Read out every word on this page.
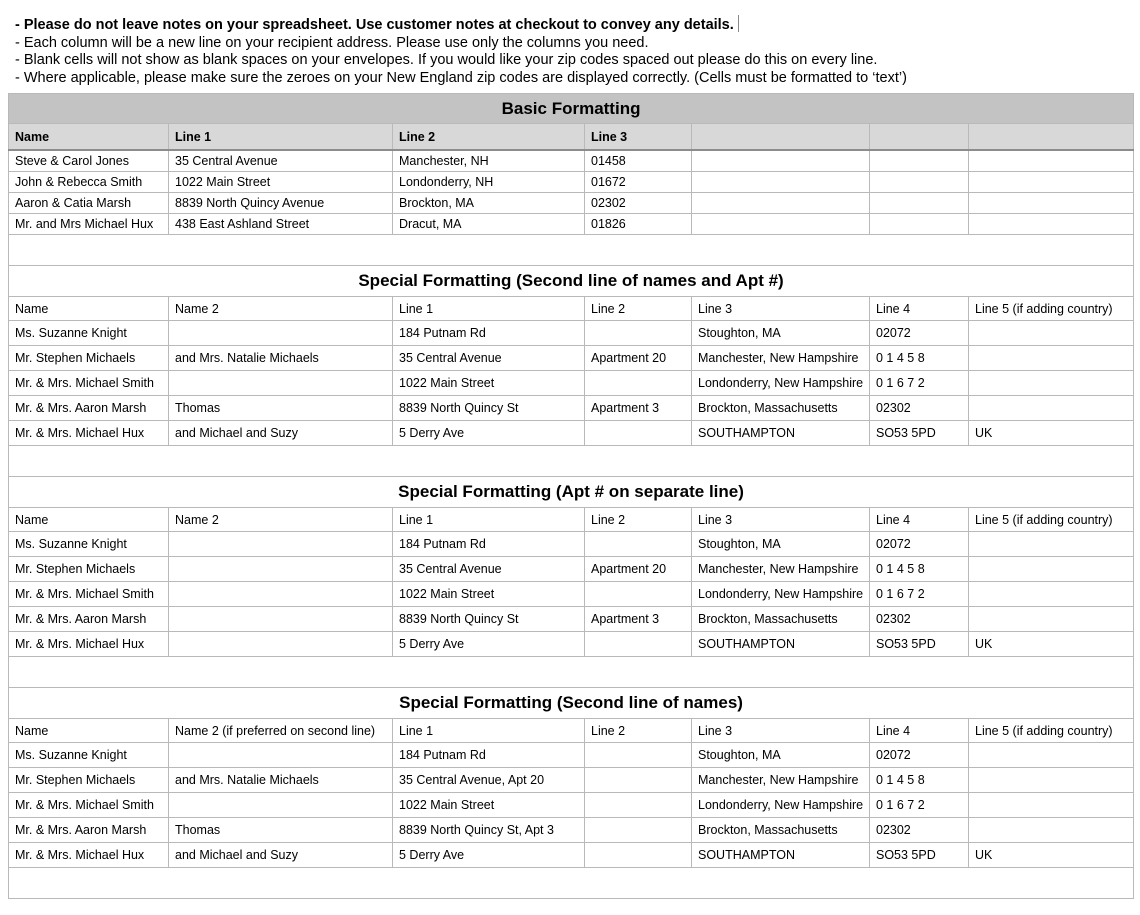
- Please do not leave notes on your spreadsheet. Use customer notes at checkout to convey any details.
- Each column will be a new line on your recipient address. Please use only the columns you need.
- Blank cells will not show as blank spaces on your envelopes. If you would like your zip codes spaced out please do this on every line.
- Where applicable, please make sure the zeroes on your New England zip codes are displayed correctly. (Cells must be formatted to ‘text’)
Basic Formatting						
Name	Line 1	Line 2	Line 3			
Steve & Carol Jones	35 Central Avenue	Manchester, NH	01458			
John & Rebecca Smith	1022 Main Street	Londonderry, NH	01672			
Aaron & Catia Marsh	8839 North Quincy Avenue	Brockton, MA	02302			
Mr. and Mrs Michael Hux	438 East Ashland Street	Dracut, MA	01826			

Special Formatting (Second line of names and Apt #)						
Name	Name 2	Line 1	Line 2	Line 3	Line 4	Line 5 (if adding country)
Ms. Suzanne Knight		184 Putnam Rd		Stoughton, MA	02072	
Mr. Stephen Michaels	and Mrs. Natalie Michaels	35 Central Avenue	Apartment 20	Manchester, New Hampshire	0 1 4 5 8	
Mr. & Mrs. Michael Smith		1022 Main Street		Londonderry, New Hampshire	0 1 6 7 2	
Mr. & Mrs. Aaron Marsh	Thomas	8839 North Quincy St	Apartment 3	Brockton, Massachusetts	02302	
Mr. & Mrs. Michael Hux	and Michael and Suzy	5 Derry Ave		SOUTHAMPTON	SO53 5PD	UK

Special Formatting (Apt # on separate line)						
Name	Name 2	Line 1	Line 2	Line 3	Line 4	Line 5 (if adding country)
Ms. Suzanne Knight		184 Putnam Rd		Stoughton, MA	02072	
Mr. Stephen Michaels		35 Central Avenue	Apartment 20	Manchester, New Hampshire	0 1 4 5 8	
Mr. & Mrs. Michael Smith		1022 Main Street		Londonderry, New Hampshire	0 1 6 7 2	
Mr. & Mrs. Aaron Marsh		8839 North Quincy St	Apartment 3	Brockton, Massachusetts	02302	
Mr. & Mrs. Michael Hux		5 Derry Ave		SOUTHAMPTON	SO53 5PD	UK

Special Formatting (Second line of names)						
Name	Name 2 (if preferred on second line)	Line 1	Line 2	Line 3	Line 4	Line 5 (if adding country)
Ms. Suzanne Knight		184 Putnam Rd		Stoughton, MA	02072	
Mr. Stephen Michaels	and Mrs. Natalie Michaels	35 Central Avenue, Apt 20		Manchester, New Hampshire	0 1 4 5 8	
Mr. & Mrs. Michael Smith		1022 Main Street		Londonderry, New Hampshire	0 1 6 7 2	
Mr. & Mrs. Aaron Marsh	Thomas	8839 North Quincy St, Apt 3		Brockton, Massachusetts	02302	
Mr. & Mrs. Michael Hux	and Michael and Suzy	5 Derry Ave		SOUTHAMPTON	SO53 5PD	UK
